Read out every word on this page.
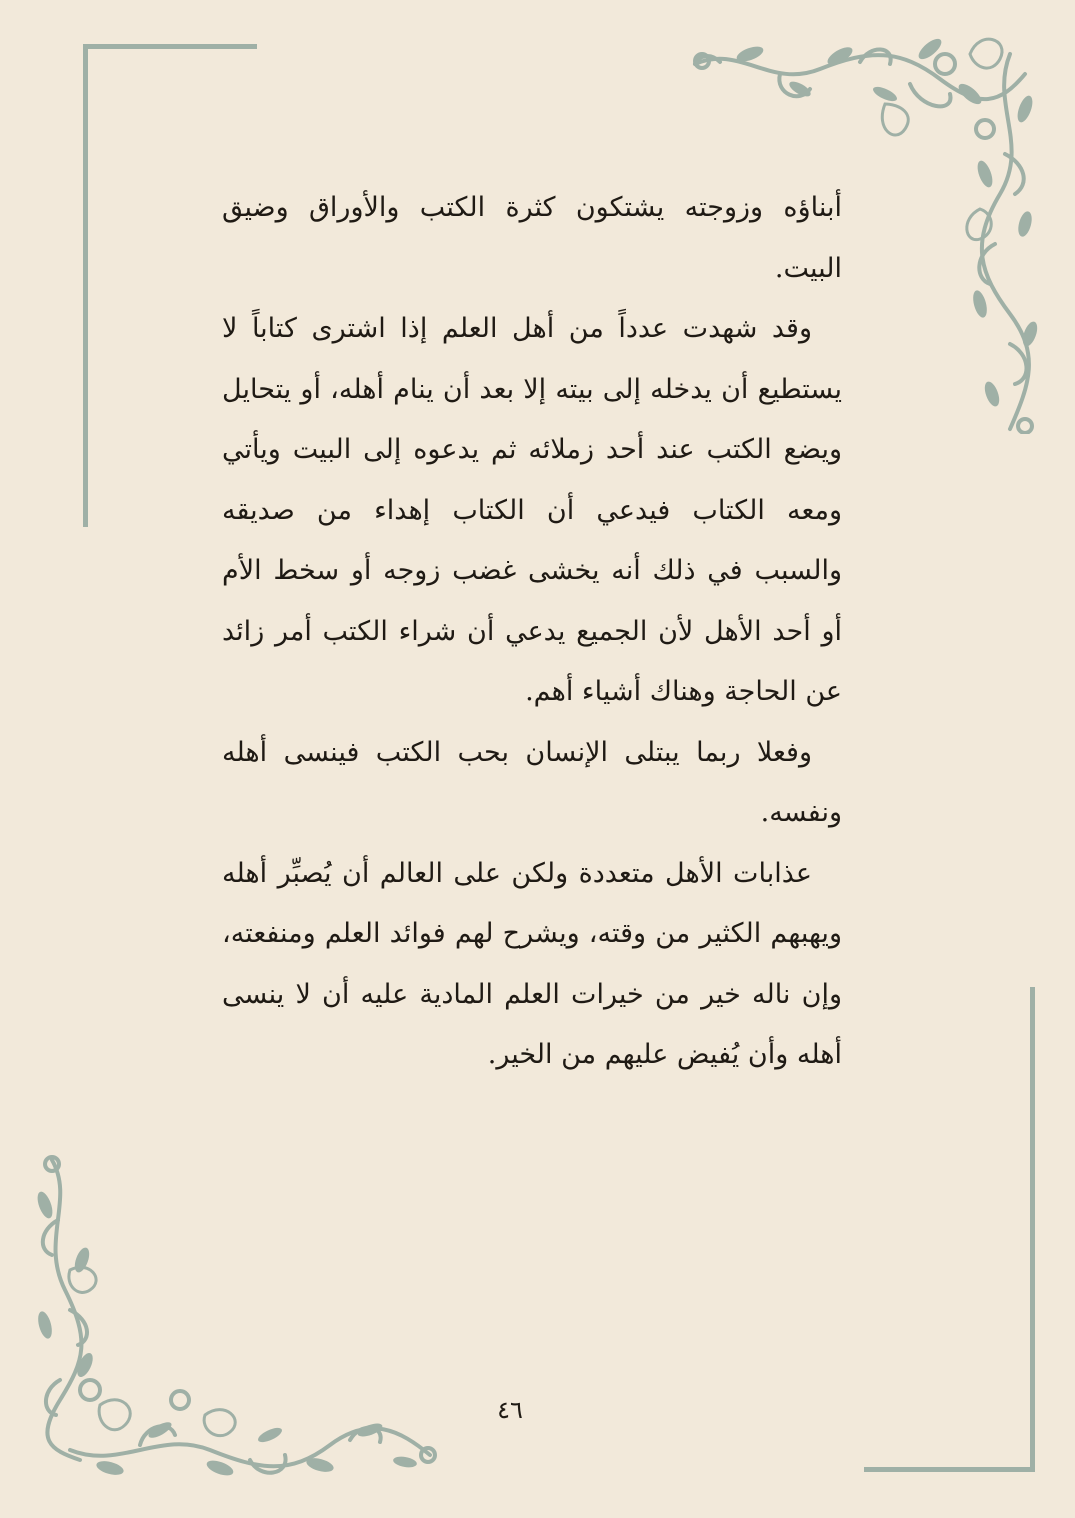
أبناؤه وزوجته يشتكون كثرة الكتب والأوراق وضيق البيت.

وقد شهدت عدداً من أهل العلم إذا اشترى كتاباً لا يستطيع أن يدخله إلى بيته إلا بعد أن ينام أهله، أو يتحايل ويضع الكتب عند أحد زملائه ثم يدعوه إلى البيت ويأتي ومعه الكتاب فيدعي أن الكتاب إهداء من صديقه والسبب في ذلك أنه يخشى غضب زوجه أو سخط الأم أو أحد الأهل لأن الجميع يدعي أن شراء الكتب أمر زائد عن الحاجة وهناك أشياء أهم.

وفعلا ربما يبتلى الإنسان بحب الكتب فينسى أهله ونفسه.

عذابات الأهل متعددة ولكن على العالم أن يُصبِّر أهله ويهبهم الكثير من وقته، ويشرح لهم فوائد العلم ومنفعته، وإن ناله خير من خيرات العلم المادية عليه أن لا ينسى أهله وأن يُفيض عليهم من الخير.

٤٦
